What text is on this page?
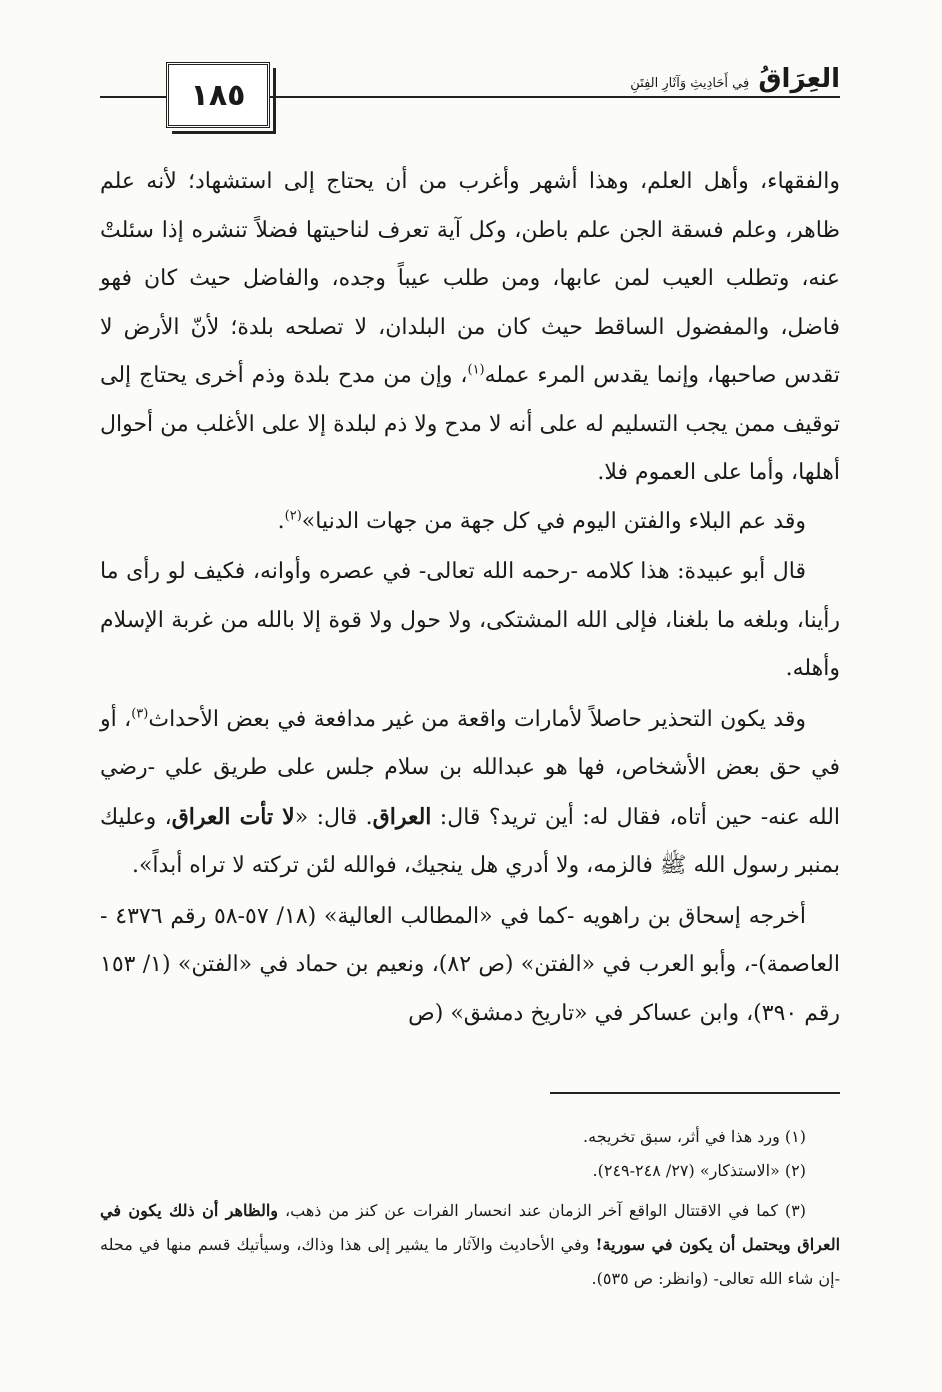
١٨٥	العِرَاقُ فِي أَحَادِيثِ وَآثَارِ الفِتَنِ

والفقهاء، وأهل العلم، وهذا أشهر وأغرب من أن يحتاج إلى استشهاد؛ لأنه علم ظاهر، وعلم فسقة الجن علم باطن، وكل آية تعرف لناحيتها فضلاً تنشره إذا سئلتْ عنه، وتطلب العيب لمن عابها، ومن طلب عيباً وجده، والفاضل حيث كان فهو فاضل، والمفضول الساقط حيث كان من البلدان، لا تصلحه بلدة؛ لأنّ الأرض لا تقدس صاحبها، وإنما يقدس المرء عمله$^{(١)}$، وإن من مدح بلدة وذم أخرى يحتاج إلى توقيف ممن يجب التسليم له على أنه لا مدح ولا ذم لبلدة إلا على الأغلب من أحوال أهلها، وأما على العموم فلا.

وقد عم البلاء والفتن اليوم في كل جهة من جهات الدنيا»$^{(٢)}$.

قال أبو عبيدة: هذا كلامه -رحمه الله تعالى- في عصره وأوانه، فكيف لو رأى ما رأينا، وبلغه ما بلغنا، فإلى الله المشتكى، ولا حول ولا قوة إلا بالله من غربة الإسلام وأهله.

وقد يكون التحذير حاصلاً لأمارات واقعة من غير مدافعة في بعض الأحداث$^{(٣)}$، أو في حق بعض الأشخاص، فها هو عبدالله بن سلام جلس على طريق علي -رضي الله عنه- حين أتاه، فقال له: أين تريد؟ قال: العراق. قال: «لا تأت العراق، وعليك بمنبر رسول الله ﷺ فالزمه، ولا أدري هل ينجيك، فوالله لئن تركته لا تراه أبداً».

أخرجه إسحاق بن راهويه -كما في «المطالب العالية» (١٨/ ٥٧-٥٨ رقم ٤٣٧٦ - العاصمة)-، وأبو العرب في «الفتن» (ص ٨٢)، ونعيم بن حماد في «الفتن» (١/ ١٥٣ رقم ٣٩٠)، وابن عساكر في «تاريخ دمشق» (ص

(١) ورد هذا في أثر، سبق تخريجه.

(٢) «الاستذكار» (٢٧/ ٢٤٨-٢٤٩).

(٣) كما في الاقتتال الواقع آخر الزمان عند انحسار الفرات عن كنز من ذهب، والظاهر أن ذلك يكون في العراق ويحتمل أن يكون في سورية! وفي الأحاديث والآثار ما يشير إلى هذا وذاك، وسيأتيك قسم منها في محله -إن شاء الله تعالى- (وانظر: ص ٥٣٥).
